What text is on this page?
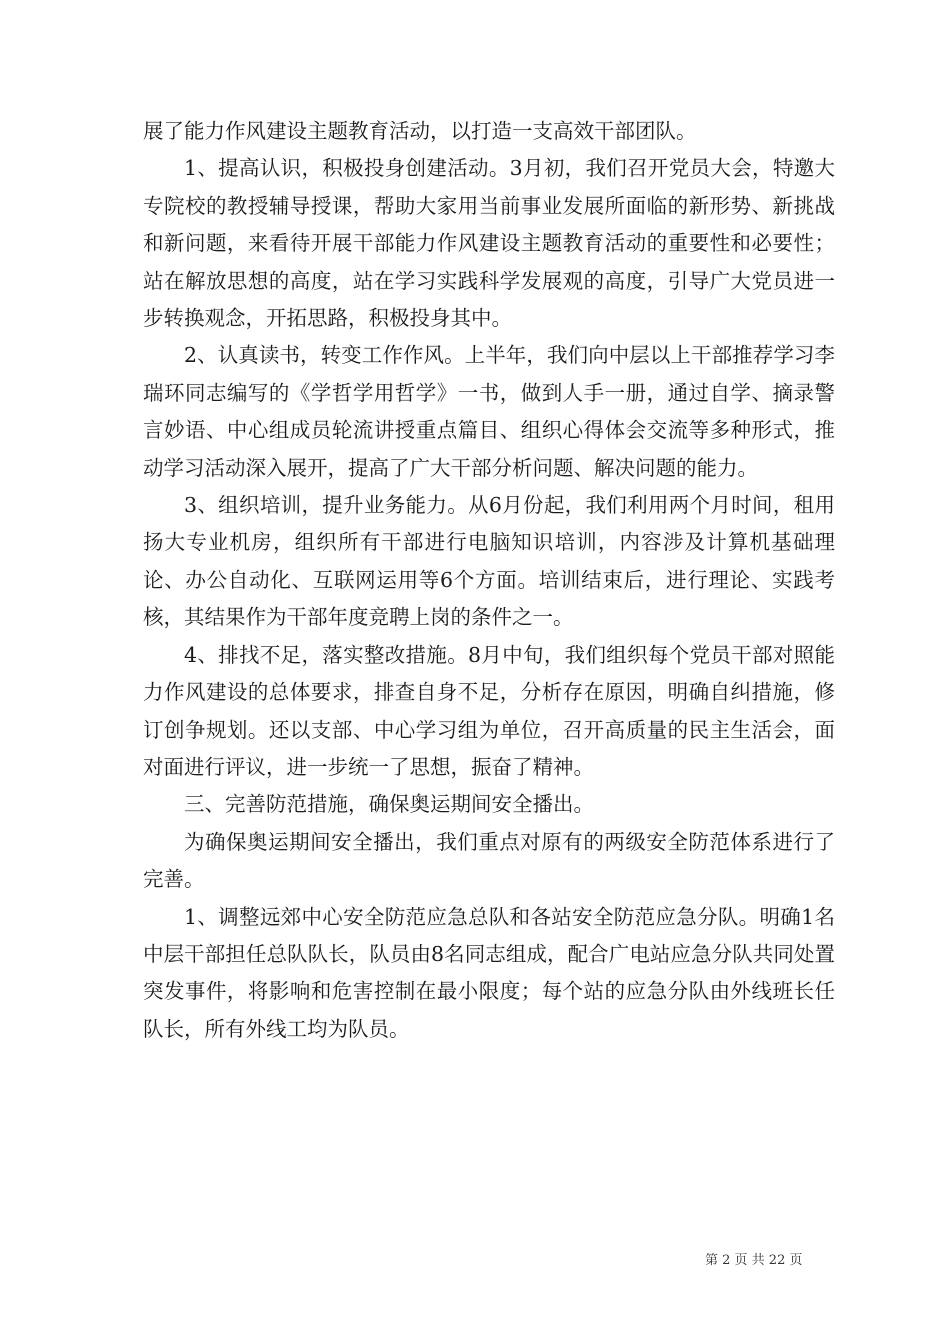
展了能力作风建设主题教育活动，以打造一支高效干部团队。

1、提高认识，积极投身创建活动。3月初，我们召开党员大会，特邀大专院校的教授辅导授课，帮助大家用当前事业发展所面临的新形势、新挑战和新问题，来看待开展干部能力作风建设主题教育活动的重要性和必要性；站在解放思想的高度，站在学习实践科学发展观的高度，引导广大党员进一步转换观念，开拓思路，积极投身其中。

2、认真读书，转变工作作风。上半年，我们向中层以上干部推荐学习李瑞环同志编写的《学哲学用哲学》一书，做到人手一册，通过自学、摘录警言妙语、中心组成员轮流讲授重点篇目、组织心得体会交流等多种形式，推动学习活动深入展开，提高了广大干部分析问题、解决问题的能力。

3、组织培训，提升业务能力。从6月份起，我们利用两个月时间，租用扬大专业机房，组织所有干部进行电脑知识培训，内容涉及计算机基础理论、办公自动化、互联网运用等6个方面。培训结束后，进行理论、实践考核，其结果作为干部年度竞聘上岗的条件之一。

4、排找不足，落实整改措施。8月中旬，我们组织每个党员干部对照能力作风建设的总体要求，排查自身不足，分析存在原因，明确自纠措施，修订创争规划。还以支部、中心学习组为单位，召开高质量的民主生活会，面对面进行评议，进一步统一了思想，振奋了精神。

三、完善防范措施，确保奥运期间安全播出。

为确保奥运期间安全播出，我们重点对原有的两级安全防范体系进行了完善。

1、调整远郊中心安全防范应急总队和各站安全防范应急分队。明确1名中层干部担任总队队长，队员由8名同志组成，配合广电站应急分队共同处置突发事件，将影响和危害控制在最小限度；每个站的应急分队由外线班长任队长，所有外线工均为队员。

第 2 页 共 22 页
